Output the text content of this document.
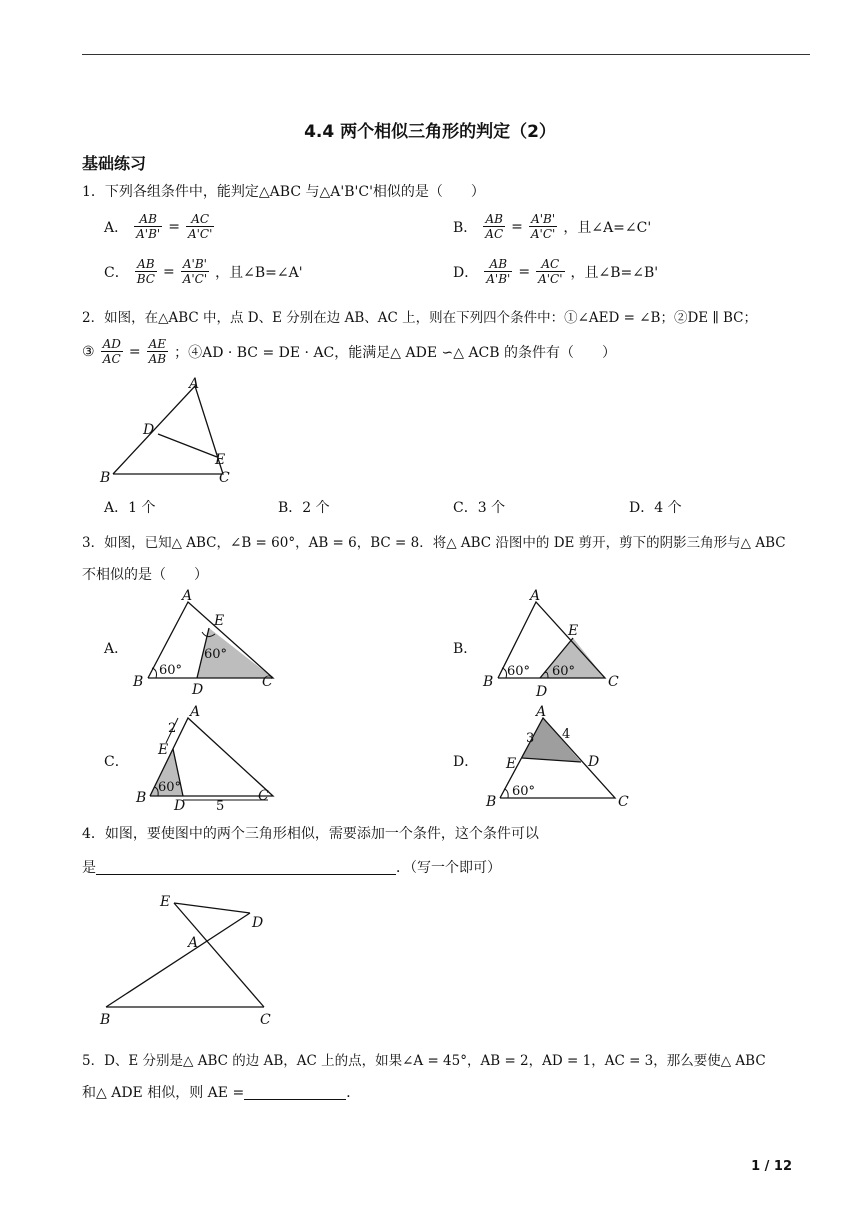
4.4 两个相似三角形的判定（2）
基础练习
1．下列各组条件中，能判定△ABC 与△A'B'C'相似的是（　　）
A． $\frac{AB}{A'B'} = \frac{AC}{A'C'}$	B． $\frac{AB}{AC} = \frac{A'B'}{A'C'}$ ，且∠A=∠C'
C． $\frac{AB}{BC} = \frac{A'B'}{A'C'}$ ，且∠B=∠A'	D． $\frac{AB}{A'B'} = \frac{AC}{A'C'}$ ，且∠B=∠B'
2．如图，在△ABC 中，点 D、E 分别在边 AB、AC 上，则在下列四个条件中：①∠AED = ∠B；②DE ∥ BC；
③ $\frac{AD}{AC} = \frac{AE}{AB}$ ；④AD · BC = DE · AC，能满足△ ADE ∽△ ACB 的条件有（　　）
A
D
E
B	C
A．1 个	B．2 个	C．3 个	D．4 个
3．如图，已知△ ABC，∠B = 60°，AB = 6，BC = 8．将△ ABC 沿图中的 DE 剪开，剪下的阴影三角形与△ ABC
不相似的是（　　）
A．
A
E
60°
60°
B	D	C
B．
A
E
60°
60°
B
D
C
C．
A
2
E
60°
B D 5
C
D．
A
3 4
E	D
60°
B	C
4．如图，要使图中的两个三角形相似，需要添加一个条件，这个条件可以
是	．（写一个即可）
E
D
A
B	C
5．D、E 分别是△ ABC 的边 AB，AC 上的点，如果∠A = 45°，AB = 2，AD = 1，AC = 3，那么要使△ ABC
和△ ADE 相似，则 AE =	．
1 / 12
